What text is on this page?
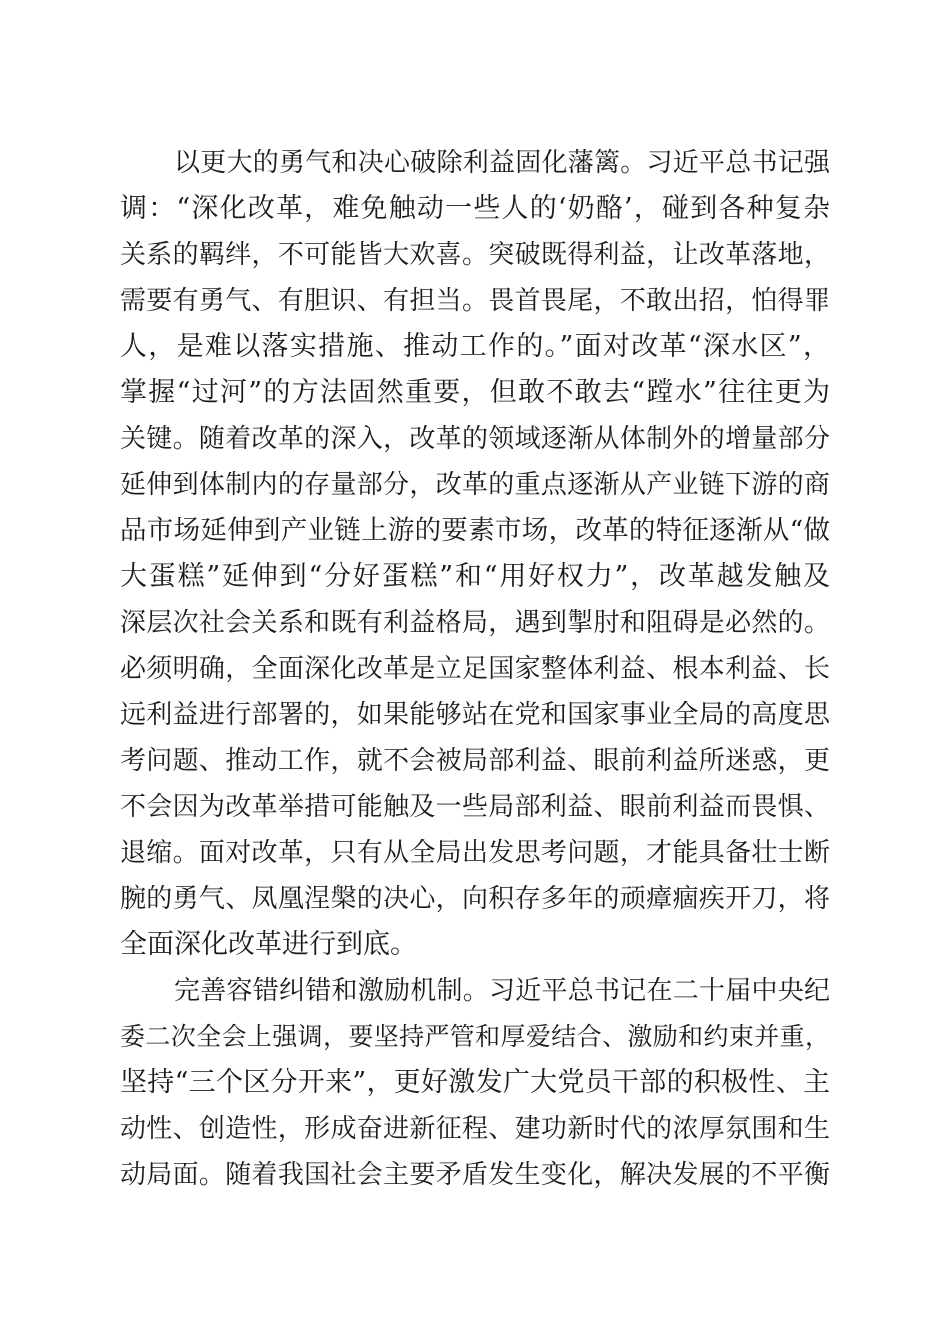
以更大的勇气和决心破除利益固化藩篱。习近平总书记强
调：“深化改革，难免触动一些人的‘奶酪’，碰到各种复杂
关系的羁绊，不可能皆大欢喜。突破既得利益，让改革落地，
需要有勇气、有胆识、有担当。畏首畏尾，不敢出招，怕得罪
人，是难以落实措施、推动工作的。”面对改革“深水区”，
掌握“过河”的方法固然重要，但敢不敢去“蹚水”往往更为
关键。随着改革的深入，改革的领域逐渐从体制外的增量部分
延伸到体制内的存量部分，改革的重点逐渐从产业链下游的商
品市场延伸到产业链上游的要素市场，改革的特征逐渐从“做
大蛋糕”延伸到“分好蛋糕”和“用好权力”，改革越发触及
深层次社会关系和既有利益格局，遇到掣肘和阻碍是必然的。
必须明确，全面深化改革是立足国家整体利益、根本利益、长
远利益进行部署的，如果能够站在党和国家事业全局的高度思
考问题、推动工作，就不会被局部利益、眼前利益所迷惑，更
不会因为改革举措可能触及一些局部利益、眼前利益而畏惧、
退缩。面对改革，只有从全局出发思考问题，才能具备壮士断
腕的勇气、凤凰涅槃的决心，向积存多年的顽瘴痼疾开刀，将
全面深化改革进行到底。
完善容错纠错和激励机制。习近平总书记在二十届中央纪
委二次全会上强调，要坚持严管和厚爱结合、激励和约束并重，
坚持“三个区分开来”，更好激发广大党员干部的积极性、主
动性、创造性，形成奋进新征程、建功新时代的浓厚氛围和生
动局面。随着我国社会主要矛盾发生变化，解决发展的不平衡
